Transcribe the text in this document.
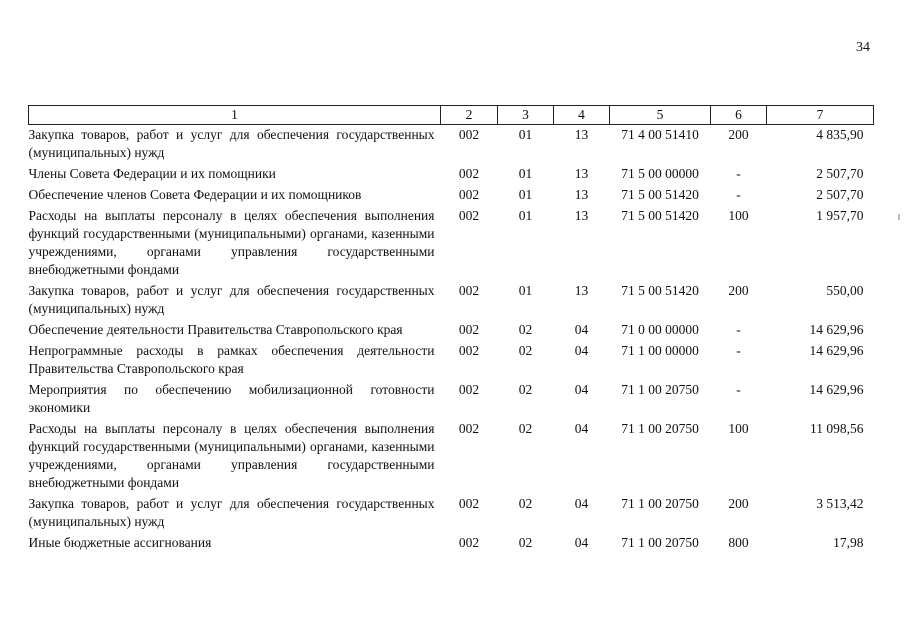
34
1	2	3	4	5	6	7
Закупка товаров, работ и услуг для обеспечения государственных (муниципальных) нужд	002	01	13	71 4 00 51410	200	4 835,90
Члены Совета Федерации и их помощники	002	01	13	71 5 00 00000	-	2 507,70
Обеспечение членов Совета Федерации и их помощников	002	01	13	71 5 00 51420	-	2 507,70
Расходы на выплаты персоналу в целях обеспечения выполнения функций государственными (муниципальными) органами, казенными учреждениями, органами управления государственными внебюджетными фондами	002	01	13	71 5 00 51420	100	1 957,70
Закупка товаров, работ и услуг для обеспечения государственных (муниципальных) нужд	002	01	13	71 5 00 51420	200	550,00
Обеспечение деятельности Правительства Ставропольского края	002	02	04	71 0 00 00000	-	14 629,96
Непрограммные расходы в рамках обеспечения деятельности Правительства Ставропольского края	002	02	04	71 1 00 00000	-	14 629,96
Мероприятия по обеспечению мобилизационной готовности экономики	002	02	04	71 1 00 20750	-	14 629,96
Расходы на выплаты персоналу в целях обеспечения выполнения функций государственными (муниципальными) органами, казенными учреждениями, органами управления государственными внебюджетными фондами	002	02	04	71 1 00 20750	100	11 098,56
Закупка товаров, работ и услуг для обеспечения государственных (муниципальных) нужд	002	02	04	71 1 00 20750	200	3 513,42
Иные бюджетные ассигнования	002	02	04	71 1 00 20750	800	17,98
